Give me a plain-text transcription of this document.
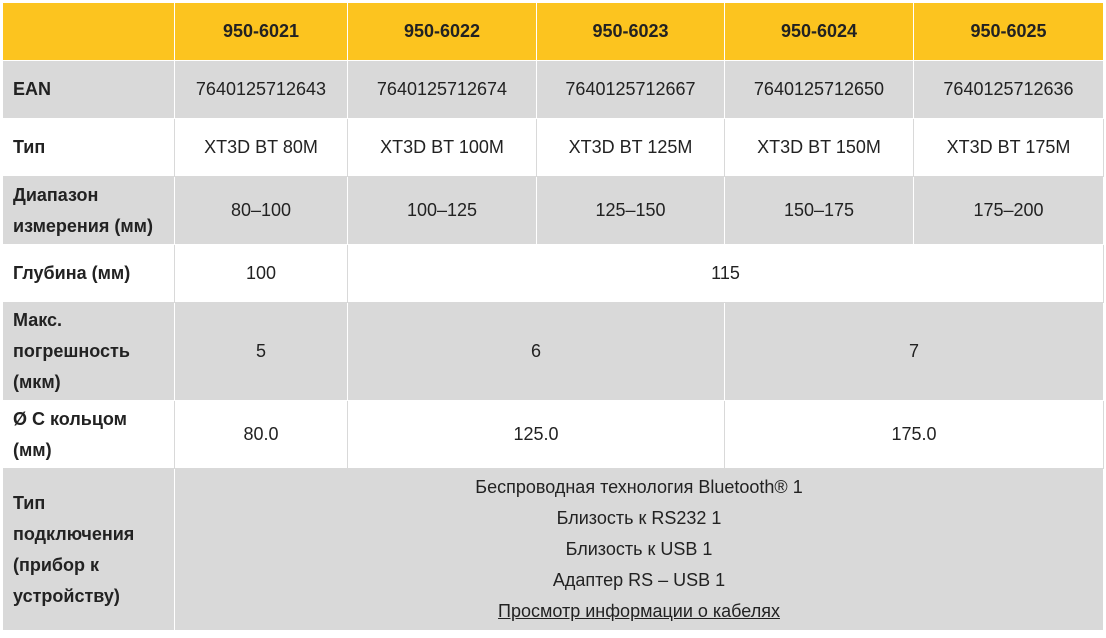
	950-6021	950-6022	950-6023	950-6024	950-6025
EAN	7640125712643	7640125712674	7640125712667	7640125712650	7640125712636
Тип	XT3D BT 80M	XT3D BT 100M	XT3D BT 125M	XT3D BT 150M	XT3D BT 175M
Диапазон измерения (мм)	80–100	100–125	125–150	150–175	175–200
Глубина (мм)	100	115			
Макс. погрешность (мкм)	5	6		7	
Ø С кольцом (мм)	80.0	125.0		175.0	
Тип подключения (прибор к устройству)	Беспроводная технология Bluetooth® 1
Близость к RS232 1
Близость к USB 1
Адаптер RS – USB 1
Просмотр информации о кабелях				
